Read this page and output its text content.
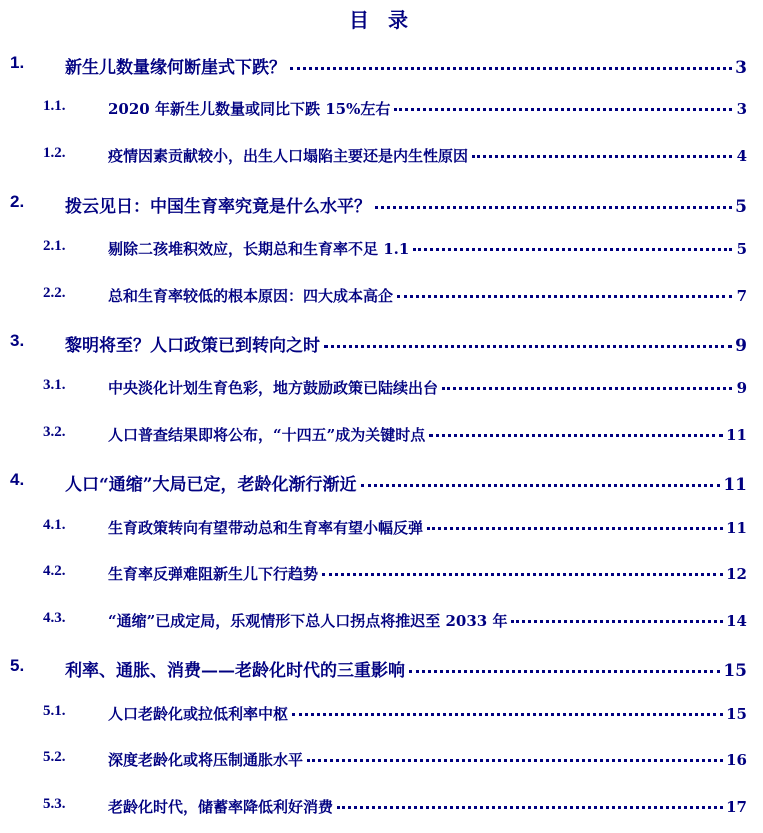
目 录
1. 新生儿数量缘何断崖式下跌？	3
1.1.	2020 年新生儿数量或同比下跌 15%左右	3
1.2.	疫情因素贡献较小，出生人口塌陷主要还是内生性原因	4
2. 拨云见日：中国生育率究竟是什么水平？	5
2.1.	剔除二孩堆积效应，长期总和生育率不足 1.1	5
2.2.	总和生育率较低的根本原因：四大成本高企	7
3. 黎明将至？人口政策已到转向之时	9
3.1.	中央淡化计划生育色彩，地方鼓励政策已陆续出台	9
3.2.	人口普查结果即将公布，“十四五”成为关键时点	11
4. 人口“通缩”大局已定，老龄化渐行渐近	11
4.1.	生育政策转向有望带动总和生育率有望小幅反弹	11
4.2.	生育率反弹难阻新生儿下行趋势	12
4.3.	“通缩”已成定局，乐观情形下总人口拐点将推迟至 2033 年	14
5. 利率、通胀、消费——老龄化时代的三重影响	15
5.1.	人口老龄化或拉低利率中枢	15
5.2.	深度老龄化或将压制通胀水平	16
5.3.	老龄化时代，储蓄率降低利好消费	17
